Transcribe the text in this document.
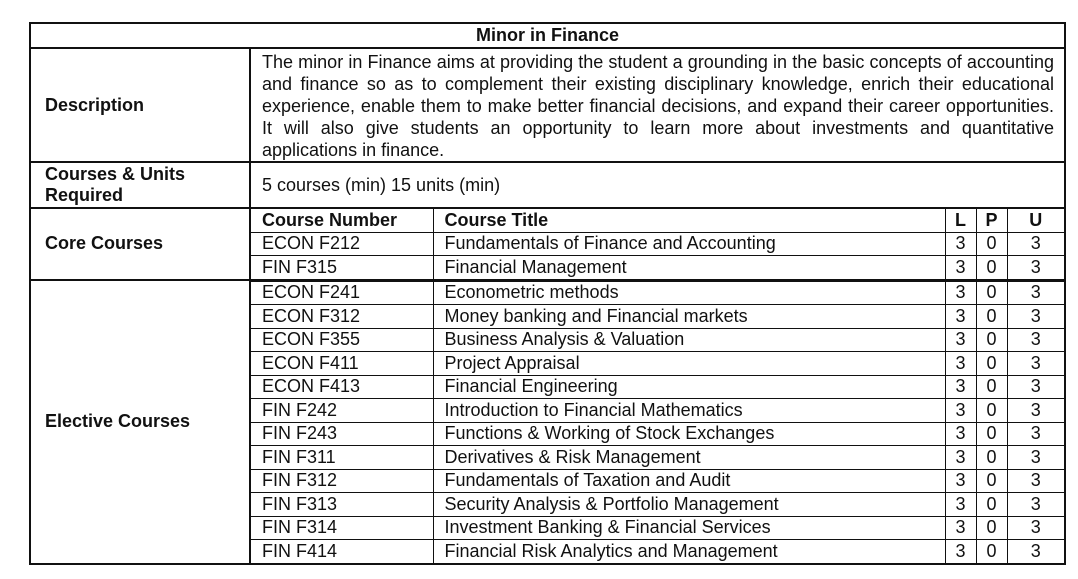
Minor in Finance
Description	The minor in Finance aims at providing the student a grounding in the basic concepts of accounting and finance so as to complement their existing disciplinary knowledge, enrich their educational experience, enable them to make better financial decisions, and expand their career opportunities. It will also give students an opportunity to learn more about investments and quantitative applications in finance.
Courses & Units Required	5 courses (min) 15 units (min)
Core Courses	
Course Number	Course Title	L	P	U
ECON F212	Fundamentals of Finance and Accounting	3	0	3
FIN F315	Financial Management	3	0	3

Elective Courses	
ECON F241	Econometric methods	3	0	3
ECON F312	Money banking and Financial markets	3	0	3
ECON F355	Business Analysis & Valuation	3	0	3
ECON F411	Project Appraisal	3	0	3
ECON F413	Financial Engineering	3	0	3
FIN F242	Introduction to Financial Mathematics	3	0	3
FIN F243	Functions & Working of Stock Exchanges	3	0	3
FIN F311	Derivatives & Risk Management	3	0	3
FIN F312	Fundamentals of Taxation and Audit	3	0	3
FIN F313	Security Analysis & Portfolio Management	3	0	3
FIN F314	Investment Banking & Financial Services	3	0	3
FIN F414	Financial Risk Analytics and Management	3	0	3
